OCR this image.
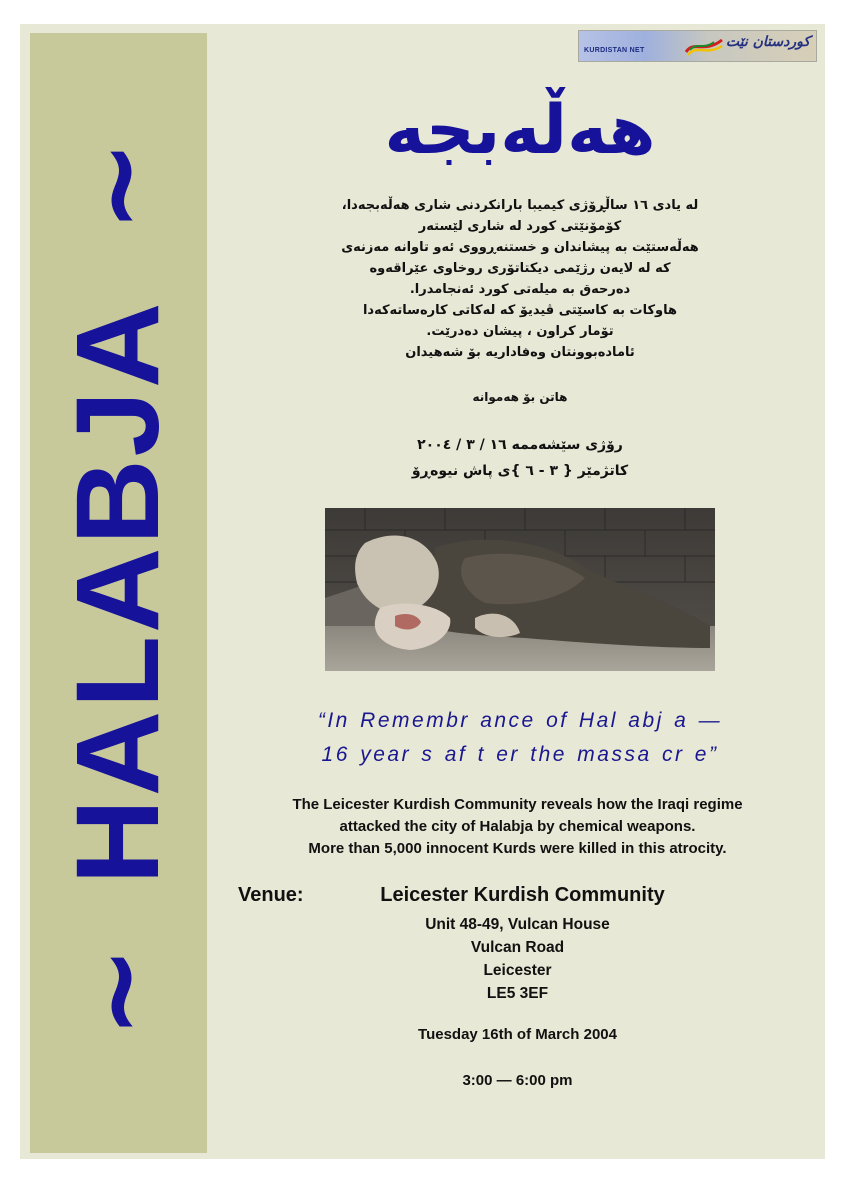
~
HALABJA
~
KURDISTAN NET
کوردستان نێت
هەڵەبجە
لە یادی ١٦ ساڵڕۆژی کیمیبا بارانکردنی شاری هەڵەبجەدا،
کۆمۆنێتی کورد لە شاری لێستەر
هەڵەستێت بە پیشاندان و خستنەڕووی ئەو تاوانە مەزنەی
کە لە لایەن رژێمی دیکتاتۆری روخاوی عێراقەوە
دەرحەق بە میلەتی کورد ئەنجامدرا.
هاوکات بە کاسێتی ڤیدیۆ کە لەکاتی کارەساتەکەدا
تۆمار کراون ، پیشان دەدرێت.
ئامادەبوونتان وەفاداریە بۆ شەهیدان
هاتن بۆ هەموانە
رۆژی سێشەممە ١٦ / ٣ / ٢٠٠٤
کاتژمێر { ٣ - ٦ }ی پاش نیوەڕۆ
“In Remembr ance of Hal abj a —
16 year s af t er the massa cr e”
The Leicester Kurdish Community reveals how the Iraqi regime
attacked the city of Halabja by chemical weapons.
More than 5,000 innocent Kurds were killed in this atrocity.
Venue:	Leicester Kurdish Community
Unit 48-49, Vulcan House
Vulcan Road
Leicester
LE5 3EF
Tuesday 16th of March 2004
3:00 — 6:00 pm
